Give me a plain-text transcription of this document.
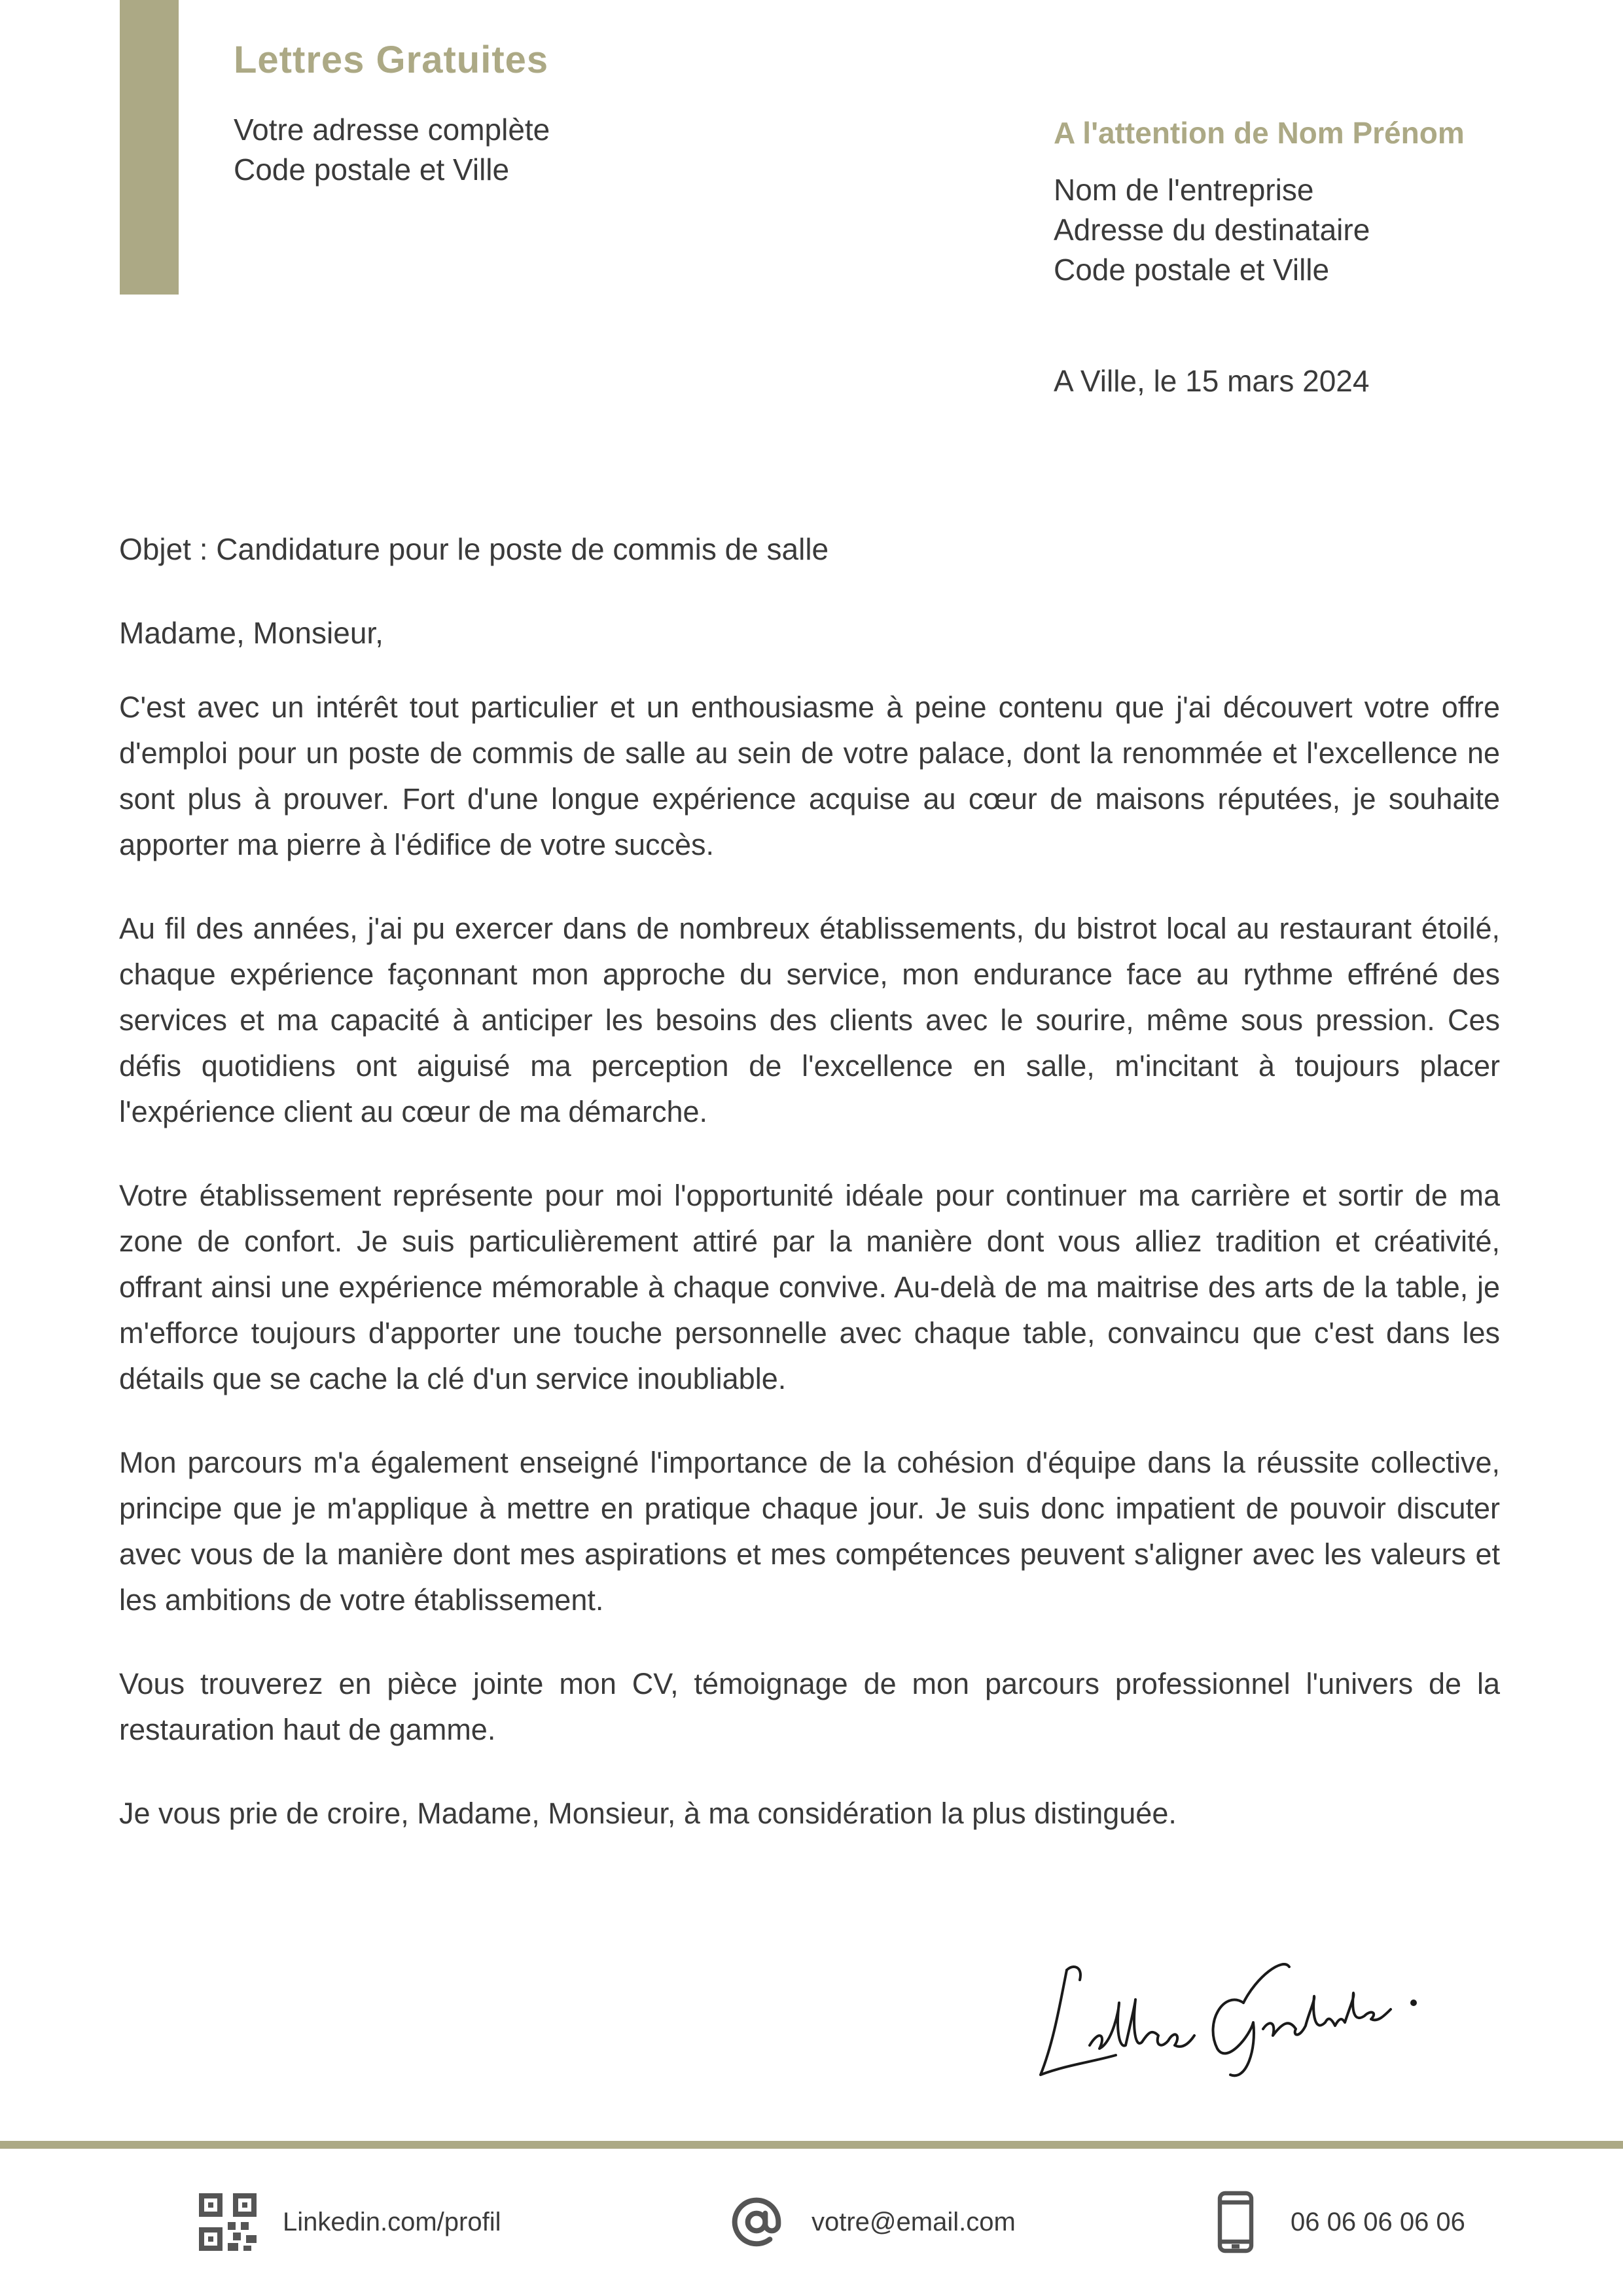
Lettres Gratuites
Votre adresse complète
Code postale et Ville
A l'attention de Nom Prénom
Nom de l'entreprise
Adresse du destinataire
Code postale et Ville
A Ville, le 15 mars 2024
Objet : Candidature pour le poste de commis de salle
Madame, Monsieur,

C'est avec un intérêt tout particulier et un enthousiasme à peine contenu que j'ai découvert votre offre d'emploi pour un poste de commis de salle au sein de votre palace, dont la renommée et l'excellence ne sont plus à prouver. Fort d'une longue expérience acquise au cœur de maisons réputées, je souhaite apporter ma pierre à l'édifice de votre succès.

Au fil des années, j'ai pu exercer dans de nombreux établissements, du bistrot local au restaurant étoilé, chaque expérience façonnant mon approche du service, mon endurance face au rythme effréné des services et ma capacité à anticiper les besoins des clients avec le sourire, même sous pression. Ces défis quotidiens ont aiguisé ma perception de l'excellence en salle, m'incitant à toujours placer l'expérience client au cœur de ma démarche.

Votre établissement représente pour moi l'opportunité idéale pour continuer ma carrière et sortir de ma zone de confort. Je suis particulièrement attiré par la manière dont vous alliez tradition et créativité, offrant ainsi une expérience mémorable à chaque convive. Au-delà de ma maitrise des arts de la table, je m'efforce toujours d'apporter une touche personnelle avec chaque table, convaincu que c'est dans les détails que se cache la clé d'un service inoubliable.

Mon parcours m'a également enseigné l'importance de la cohésion d'équipe dans la réussite collective, principe que je m'applique à mettre en pratique chaque jour. Je suis donc impatient de pouvoir discuter avec vous de la manière dont mes aspirations et mes compétences peuvent s'aligner avec les valeurs et les ambitions de votre établissement.

Vous trouverez en pièce jointe mon CV, témoignage de mon parcours professionnel l'univers de la restauration haut de gamme.

Je vous prie de croire, Madame, Monsieur, à ma considération la plus distinguée.

Linkedin.com/profil	votre@email.com	06 06 06 06 06
